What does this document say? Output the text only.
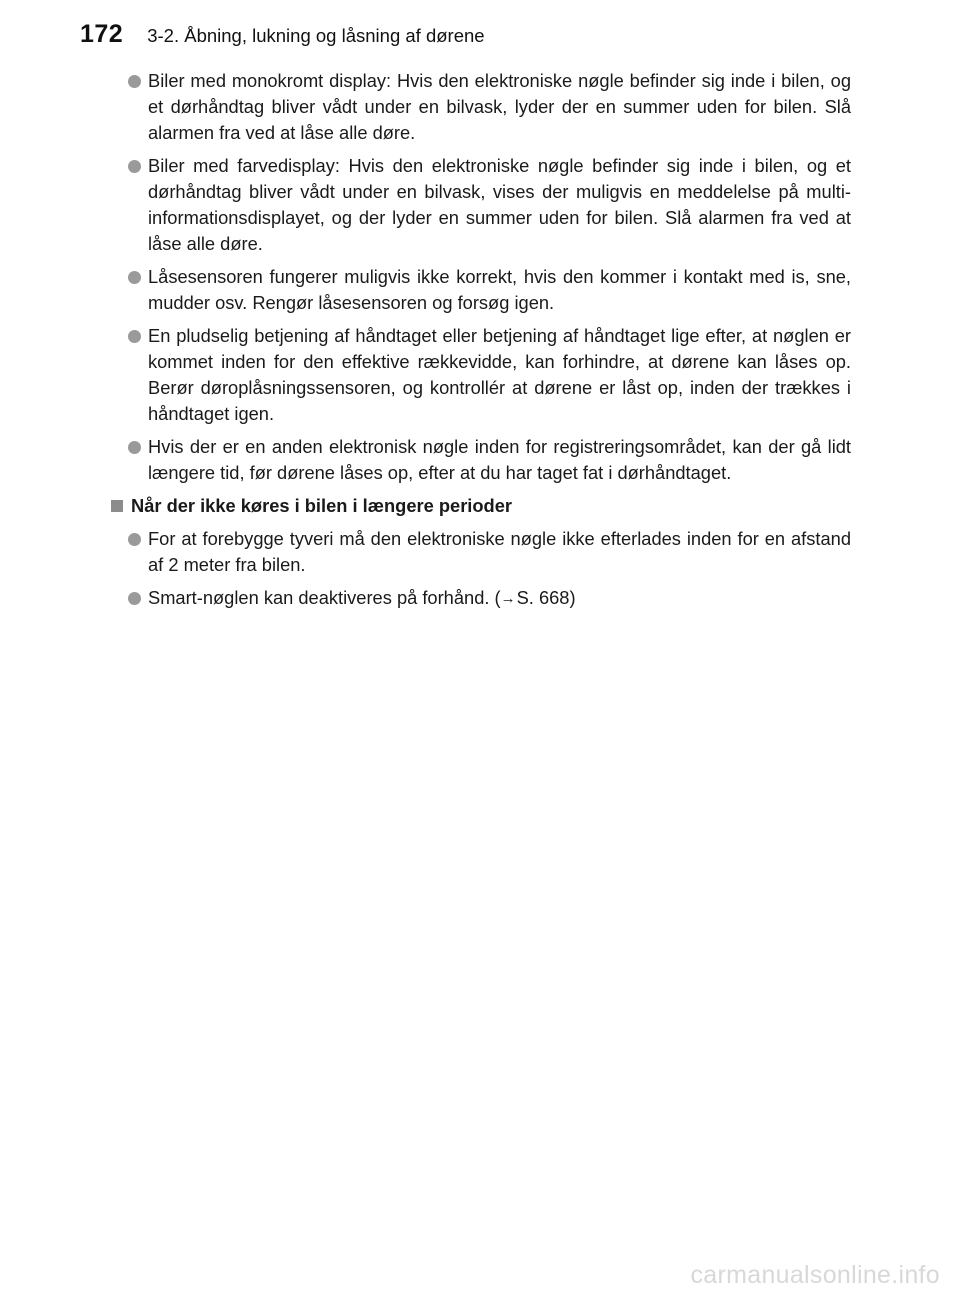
172 3-2. Åbning, lukning og låsning af dørene

Biler med monokromt display: Hvis den elektroniske nøgle befinder sig inde i bilen, og et dørhåndtag bliver vådt under en bilvask, lyder der en summer uden for bilen. Slå alarmen fra ved at låse alle døre.

Biler med farvedisplay: Hvis den elektroniske nøgle befinder sig inde i bilen, og et dørhåndtag bliver vådt under en bilvask, vises der muligvis en meddelelse på multi-informationsdisplayet, og der lyder en summer uden for bilen. Slå alarmen fra ved at låse alle døre.

Låsesensoren fungerer muligvis ikke korrekt, hvis den kommer i kontakt med is, sne, mudder osv. Rengør låsesensoren og forsøg igen.

En pludselig betjening af håndtaget eller betjening af håndtaget lige efter, at nøglen er kommet inden for den effektive rækkevidde, kan forhindre, at dørene kan låses op. Berør døroplåsningssensoren, og kontrollér at dørene er låst op, inden der trækkes i håndtaget igen.

Hvis der er en anden elektronisk nøgle inden for registreringsområdet, kan der gå lidt længere tid, før dørene låses op, efter at du har taget fat i dørhåndtaget.

Når der ikke køres i bilen i længere perioder

For at forebygge tyveri må den elektroniske nøgle ikke efterlades inden for en afstand af 2 meter fra bilen.

Smart-nøglen kan deaktiveres på forhånd. (→S. 668)

carmanualsonline.info
